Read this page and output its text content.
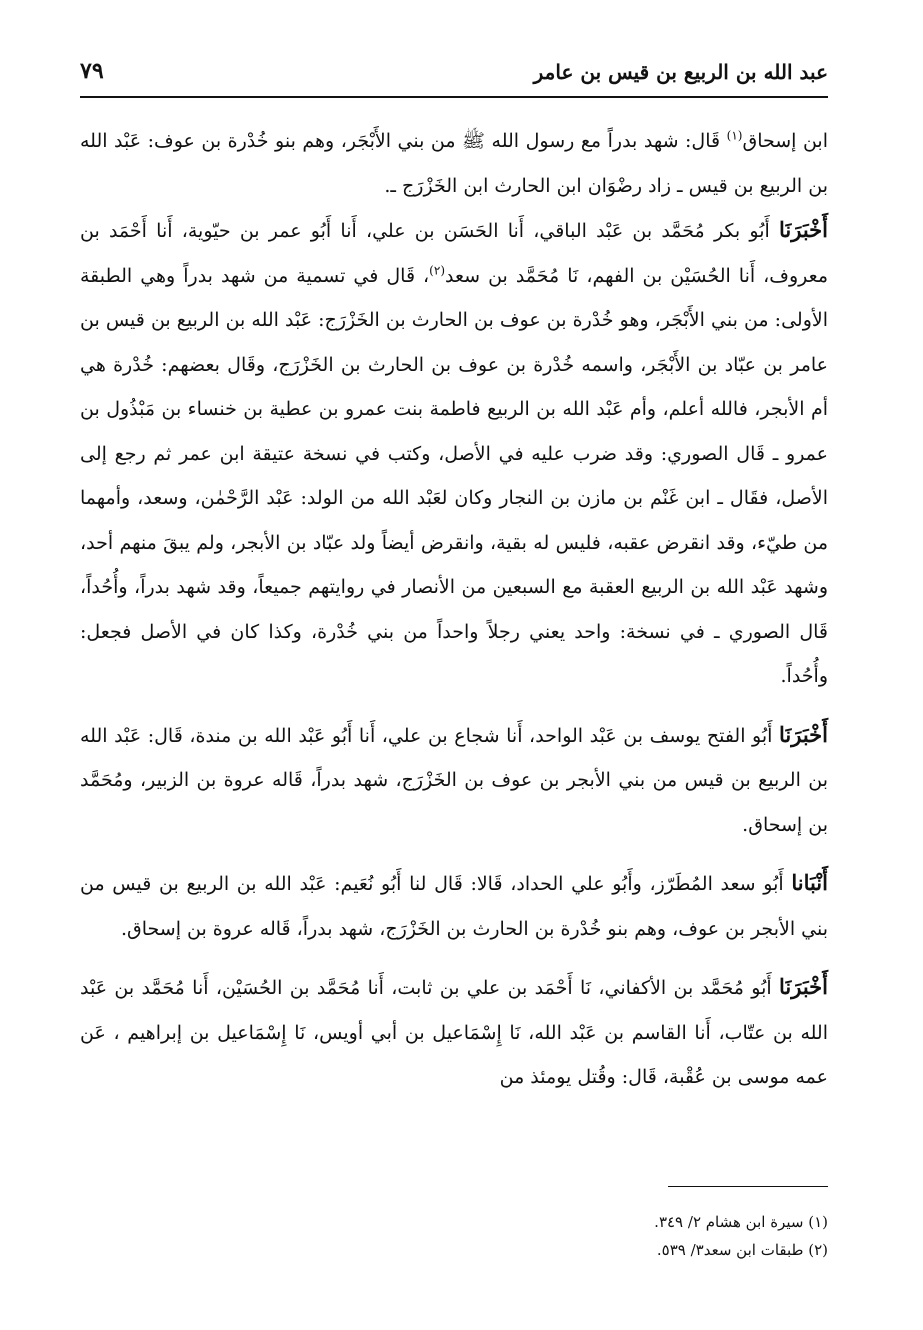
عبد الله بن الربيع بن قيس بن عامر
٧٩

ابن إسحاق$^{(١)}$ قَال: شهد بدراً مع رسول الله ﷺ من بني الأَبْجَر، وهم بنو خُدْرة بن عوف: عَبْد الله بن الربيع بن قيس ـ زاد رضْوَان ابن الحارث ابن الخَزْرَج ـ.

أَخْبَرَنَا أَبُو بكر مُحَمَّد بن عَبْد الباقي، أَنا الحَسَن بن علي، أَنا أَبُو عمر بن حيّوية، أَنا أَحْمَد بن معروف، أَنا الحُسَيْن بن الفهم، نَا مُحَمَّد بن سعد$^{(٢)}$، قَال في تسمية من شهد بدراً وهي الطبقة الأولى: من بني الأَبْجَر، وهو خُدْرة بن عوف بن الحارث بن الخَزْرَج: عَبْد الله بن الربيع بن قيس بن عامر بن عبّاد بن الأَبْجَر، واسمه خُدْرة بن عوف بن الحارث بن الخَزْرَج، وقَال بعضهم: خُدْرة هي أم الأبجر، فالله أعلم، وأم عَبْد الله بن الربيع فاطمة بنت عمرو بن عطية بن خنساء بن مَبْذُول بن عمرو ـ قَال الصوري: وقد ضرب عليه في الأصل، وكتب في نسخة عتيقة ابن عمر ثم رجع إلى الأصل، فقَال ـ ابن غَنْم بن مازن بن النجار وكان لعَبْد الله من الولد: عَبْد الرَّحْمٰن، وسعد، وأمهما من طيّء، وقد انقرض عقبه، فليس له بقية، وانقرض أيضاً ولد عبّاد بن الأبجر، ولم يبقَ منهم أحد، وشهد عَبْد الله بن الربيع العقبة مع السبعين من الأنصار في روايتهم جميعاً، وقد شهد بدراً، وأُحُداً، قَال الصوري ـ في نسخة: واحد يعني رجلاً واحداً من بني خُدْرة، وكذا كان في الأصل فجعل: وأُحُداً.

أَخْبَرَنَا أَبُو الفتح يوسف بن عَبْد الواحد، أَنا شجاع بن علي، أَنا أَبُو عَبْد الله بن مندة، قَال: عَبْد الله بن الربيع بن قيس من بني الأبجر بن عوف بن الخَزْرَج، شهد بدراً، قَاله عروة بن الزبير، ومُحَمَّد بن إسحاق.

أَنْبَانا أَبُو سعد المُطَرّز، وأَبُو علي الحداد، قَالا: قَال لنا أَبُو نُعَيم: عَبْد الله بن الربيع بن قيس من بني الأبجر بن عوف، وهم بنو خُدْرة بن الحارث بن الخَزْرَج، شهد بدراً، قَاله عروة بن إسحاق.

أَخْبَرَنَا أَبُو مُحَمَّد بن الأكفاني، نَا أَحْمَد بن علي بن ثابت، أَنا مُحَمَّد بن الحُسَيْن، أَنا مُحَمَّد بن عَبْد الله بن عتّاب، أَنا القاسم بن عَبْد الله، نَا إِسْمَاعيل بن أبي أويس، نَا إِسْمَاعيل بن إبراهيم ، عَن عمه موسى بن عُقْبة، قَال: وقُتل يومئذ من

(١) سيرة ابن هشام ٢/ ٣٤٩.

(٢) طبقات ابن سعد٣/ ٥٣٩.
